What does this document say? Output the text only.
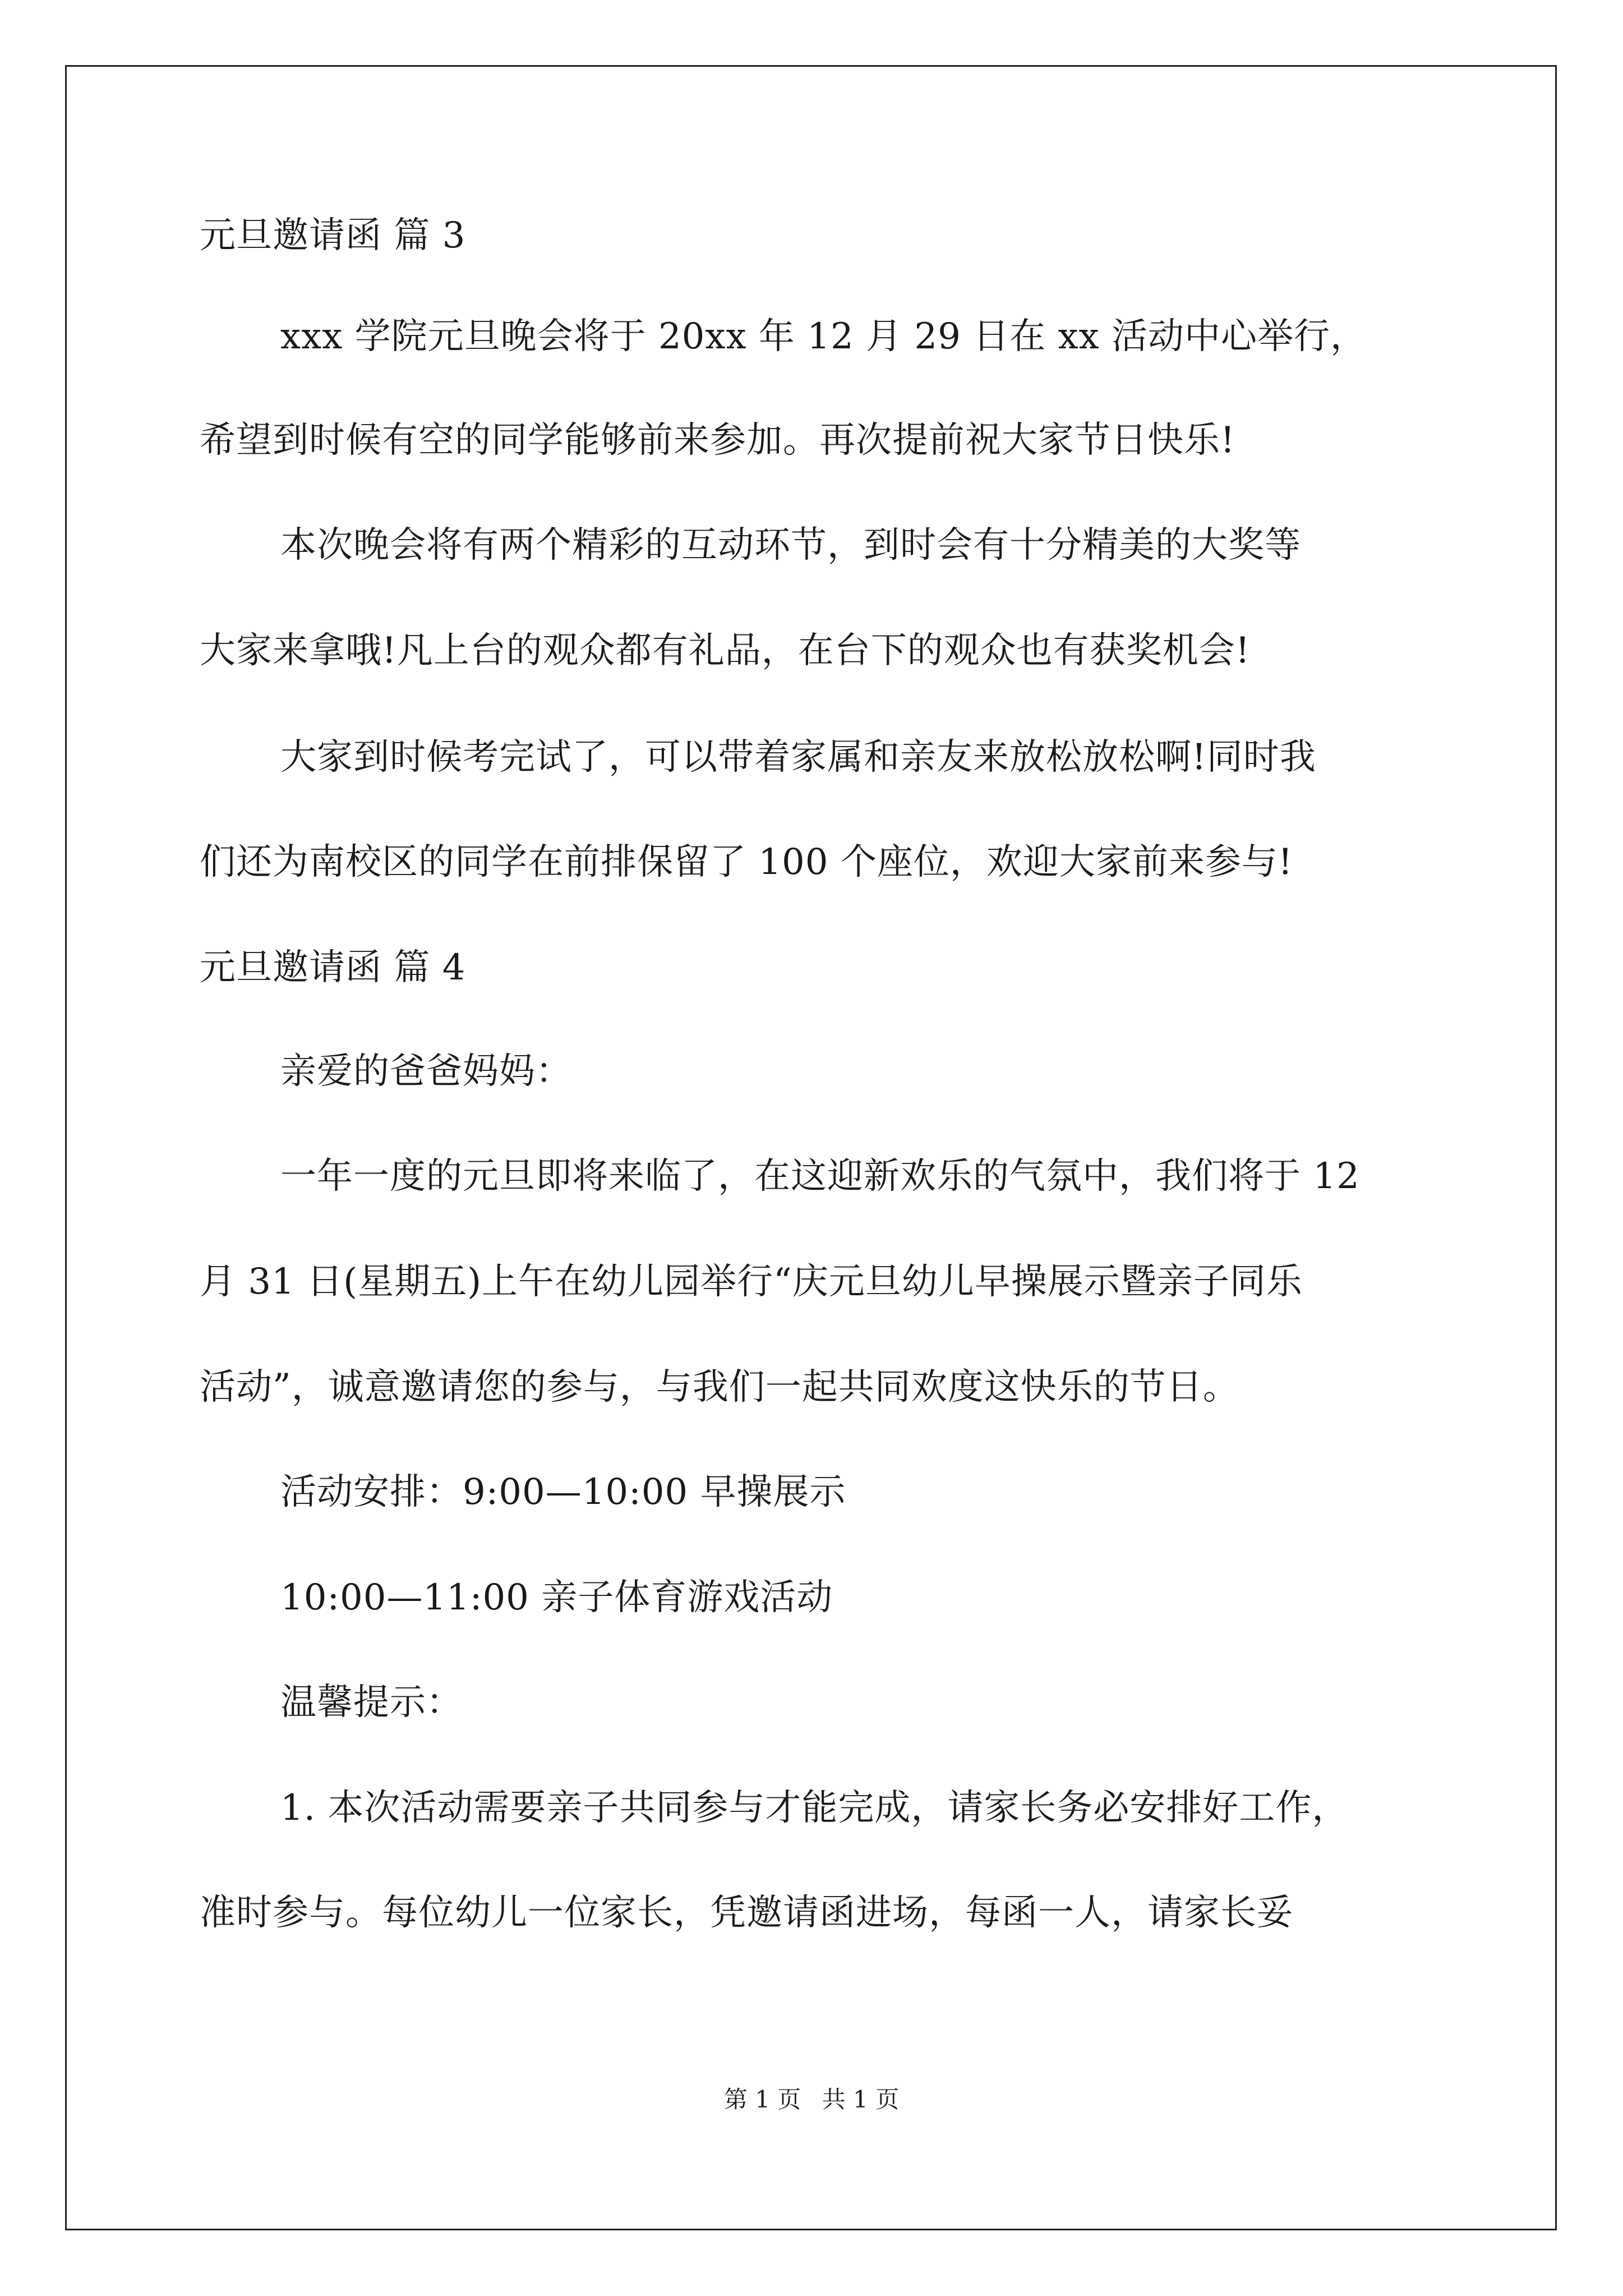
元旦邀请函 篇 3
xxx 学院元旦晚会将于 20xx 年 12 月 29 日在 xx 活动中心举行，
希望到时候有空的同学能够前来参加。再次提前祝大家节日快乐!
本次晚会将有两个精彩的互动环节，到时会有十分精美的大奖等
大家来拿哦!凡上台的观众都有礼品，在台下的观众也有获奖机会!
大家到时候考完试了，可以带着家属和亲友来放松放松啊!同时我
们还为南校区的同学在前排保留了 100 个座位，欢迎大家前来参与!
元旦邀请函 篇 4
亲爱的爸爸妈妈：
一年一度的元旦即将来临了，在这迎新欢乐的气氛中，我们将于 12
月 31 日(星期五)上午在幼儿园举行“庆元旦幼儿早操展示暨亲子同乐
活动”，诚意邀请您的参与，与我们一起共同欢度这快乐的节日。
活动安排：9:00—10:00 早操展示
10:00—11:00 亲子体育游戏活动
温馨提示：
1. 本次活动需要亲子共同参与才能完成，请家长务必安排好工作，
准时参与。每位幼儿一位家长，凭邀请函进场，每函一人，请家长妥
第 1 页 共 1 页
